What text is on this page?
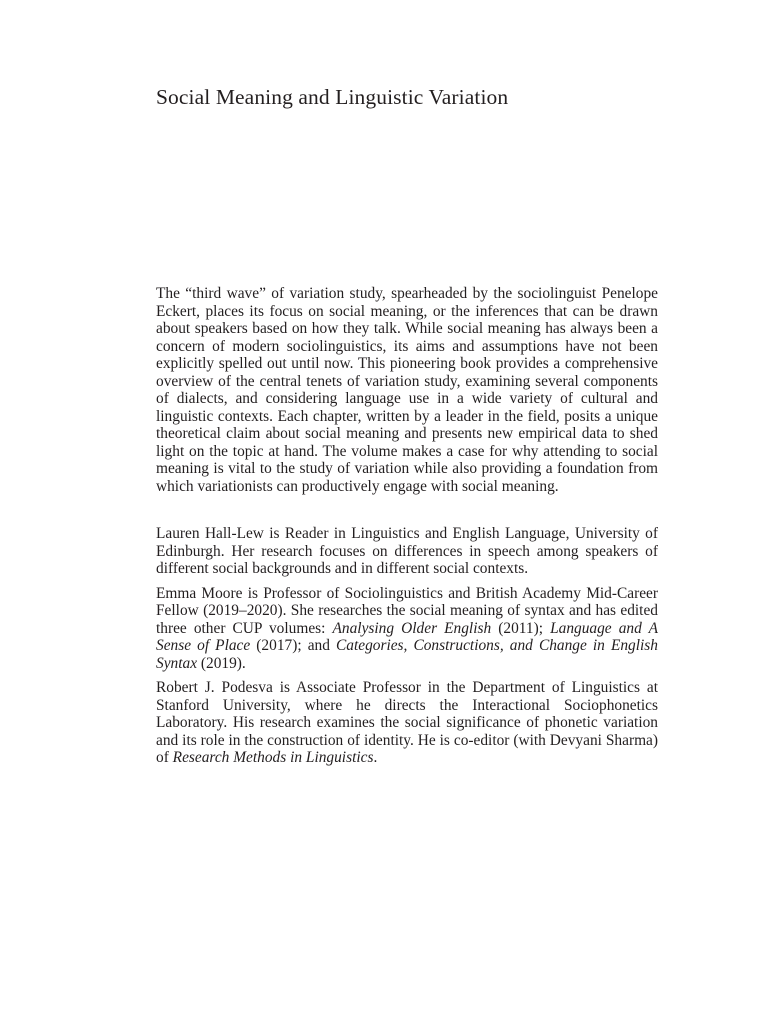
Social Meaning and Linguistic Variation

The “third wave” of variation study, spearheaded by the sociolinguist Penelope Eckert, places its focus on social meaning, or the inferences that can be drawn about speakers based on how they talk. While social meaning has always been a concern of modern sociolinguistics, its aims and assumptions have not been explicitly spelled out until now. This pioneering book provides a comprehensive overview of the central tenets of variation study, examining several components of dialects, and considering language use in a wide variety of cultural and linguistic contexts. Each chapter, written by a leader in the field, posits a unique theoretical claim about social meaning and presents new empirical data to shed light on the topic at hand. The volume makes a case for why attending to social meaning is vital to the study of variation while also providing a foundation from which variationists can productively engage with social meaning.

Lauren Hall-Lew is Reader in Linguistics and English Language, University of Edinburgh. Her research focuses on differences in speech among speakers of different social backgrounds and in different social contexts.

Emma Moore is Professor of Sociolinguistics and British Academy Mid-Career Fellow (2019–2020). She researches the social meaning of syntax and has edited three other CUP volumes: Analysing Older English (2011); Language and A Sense of Place (2017); and Categories, Constructions, and Change in English Syntax (2019).

Robert J. Podesva is Associate Professor in the Department of Linguistics at Stanford University, where he directs the Interactional Sociophonetics Laboratory. His research examines the social significance of phonetic variation and its role in the construction of identity. He is co-editor (with Devyani Sharma) of Research Methods in Linguistics.
